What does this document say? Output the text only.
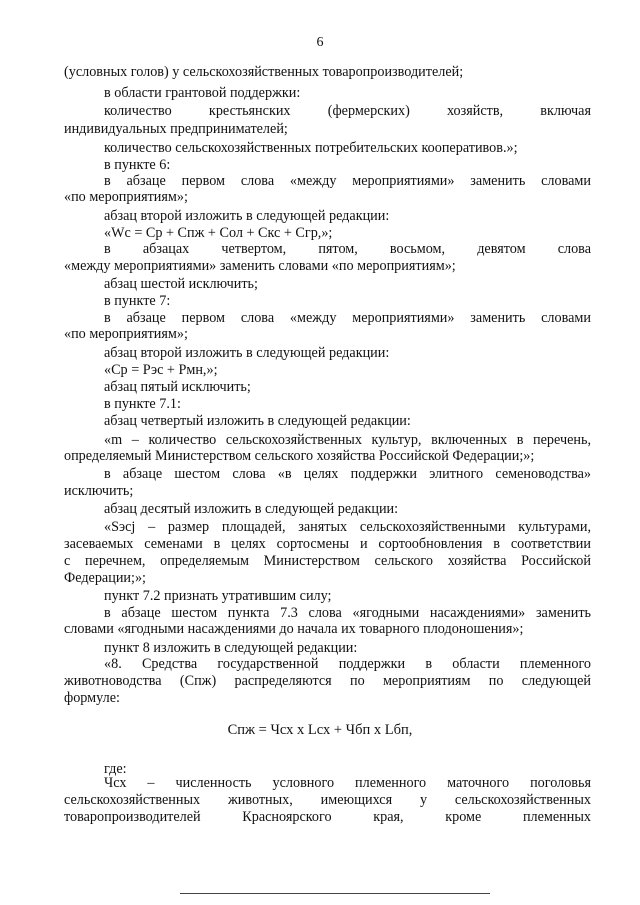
6
(условных голов) у сельскохозяйственных товаропроизводителей;
в области грантовой поддержки:
количество крестьянских (фермерских) хозяйств, включая
индивидуальных предпринимателей;
количество сельскохозяйственных потребительских кооперативов.»;
в пункте 6:
в абзаце первом слова «между мероприятиями» заменить словами
«по мероприятиям»;
абзац второй изложить в следующей редакции:
«Wc = Ср + Спж + Сол + Скс + Сгр,»;
в абзацах четвертом, пятом, восьмом, девятом слова
«между мероприятиями» заменить словами «по мероприятиям»;
абзац шестой исключить;
в пункте 7:
в абзаце первом слова «между мероприятиями» заменить словами
«по мероприятиям»;
абзац второй изложить в следующей редакции:
«Ср = Рэс + Рмн,»;
абзац пятый исключить;
в пункте 7.1:
абзац четвертый изложить в следующей редакции:
«m – количество сельскохозяйственных культур, включенных в перечень,
определяемый Министерством сельского хозяйства Российской Федерации;»;
в абзаце шестом слова «в целях поддержки элитного семеноводства»
исключить;
абзац десятый изложить в следующей редакции:
«Sэсj – размер площадей, занятых сельскохозяйственными культурами,
засеваемых семенами в целях сортосмены и сортообновления в соответствии
с перечнем, определяемым Министерством сельского хозяйства Российской
Федерации;»;
пункт 7.2 признать утратившим силу;
в абзаце шестом пункта 7.3 слова «ягодными насаждениями» заменить
словами «ягодными насаждениями до начала их товарного плодоношения»;
пункт 8 изложить в следующей редакции:
«8. Средства государственной поддержки в области племенного
животноводства (Спж) распределяются по мероприятиям по следующей
формуле:
Спж = Чсх х Lсх + Чбп х Lбп,
где:
Чсх – численность условного племенного маточного поголовья
сельскохозяйственных животных, имеющихся у сельскохозяйственных
товаропроизводителей Красноярского края, кроме племенных
